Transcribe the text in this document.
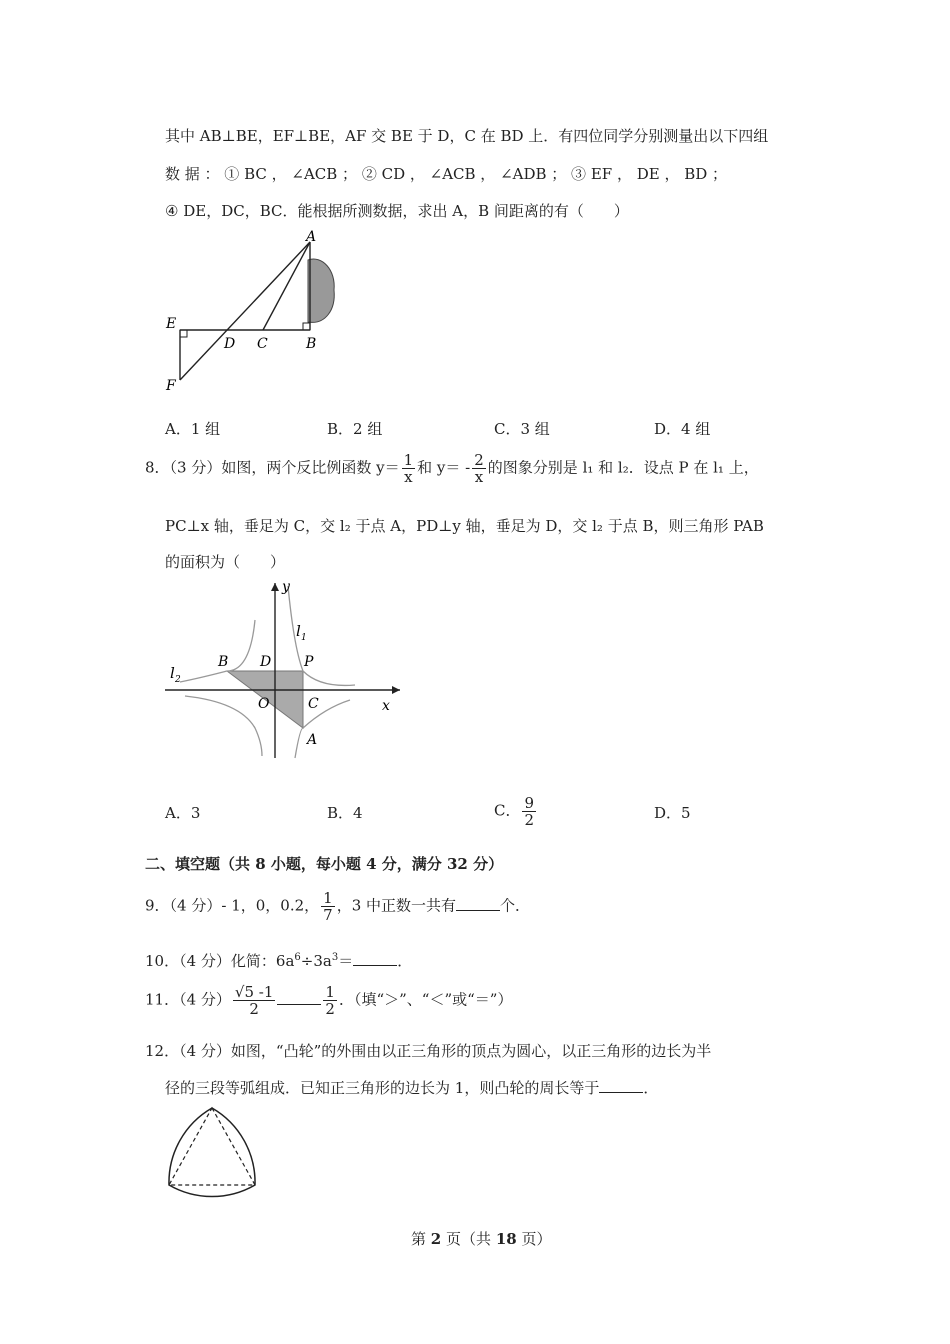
其中 AB⊥BE，EF⊥BE，AF 交 BE 于 D，C 在 BD 上．有四位同学分别测量出以下四组
数 据 ： ① BC ， ∠ACB ； ② CD ， ∠ACB ， ∠ADB ； ③ EF ， DE ， BD ；
④ DE，DC，BC．能根据所测数据，求出 A，B 间距离的有（　　）
A
E
F
D C	B
A．1 组	B．2 组	C．3 组	D．4 组
8．（3 分）如图，两个反比例函数 $y= \frac{1}{x}$ 和 $y= - \frac{2}{x}$ 的图象分别是 l₁ 和 l₂．设点 P 在 l₁ 上，
PC⊥x 轴，垂足为 C，交 l₂ 于点 A，PD⊥y 轴，垂足为 D，交 l₂ 于点 B，则三角形 PAB
的面积为（　　）
y
x
l 1
l 2
B D P
O	C
A
A．3	B．4	C． $\frac{9}{2}$	D．5
二、填空题（共 8 小题，每小题 4 分，满分 32 分）
9．（4 分）- 1，0，0.2， $\frac{1}{7}$ ，3 中正数一共有	个．
10．（4 分）化简：$6a^6\div 3a^3=$	．
11．（4 分） $\frac{√5 -1}{2}$	$\frac{1}{2}$ ．（填“＞”、“＜”或“＝”）
12．（4 分）如图，“凸轮”的外围由以正三角形的顶点为圆心，以正三角形的边长为半
径的三段等弧组成．已知正三角形的边长为 1，则凸轮的周长等于	．
第 2 页（共 18 页）
